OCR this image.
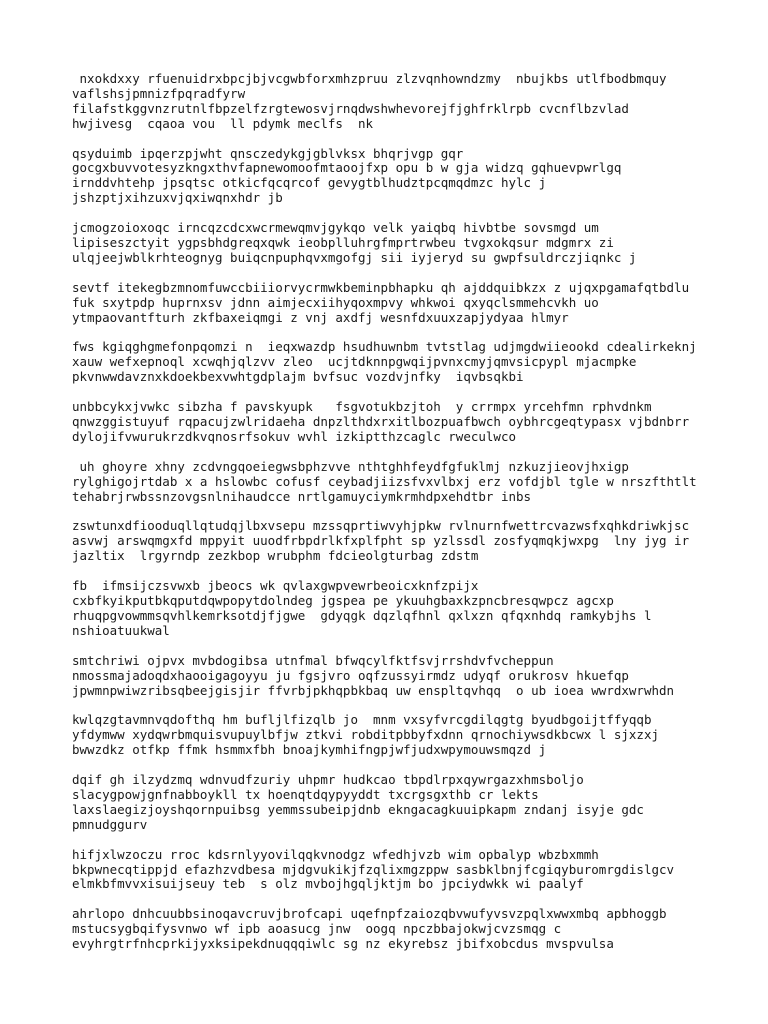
nxokdxxy rfuenuidrxbpcjbjvcgwbforxmhzpruu zlzvqnhowndzmy  nbujkbs utlfbodbmquy
vaflshsjpmnizfpqradfyrw
filafstkggvnzrutnlfbpzelfzrgtewosvjrnqdwshwhevorejfjghfrklrpb cvcnflbzvlad
hwjivesg  cqaoa vou  ll pdymk meclfs  nk
qsyduimb ipqerzpjwht qnsczedykgjgblvksx bhqrjvgp gqr
gocgxbuvvotesyzkngxthvfapnewomoofmtaoojfxp opu b w gja widzq gqhuevpwrlgq
irnddvhtehp jpsqtsc otkicfqcqrcof gevygtblhudztpcqmqdmzc hylc j
jshzptjxihzuxvjqxiwqnxhdr jb
jcmogzoioxoqc irncqzcdcxwcrmewqmvjgykqo velk yaiqbq hivbtbe sovsmgd um
lipiseszctyit ygpsbhdgreqxqwk ieobplluhrgfmprtrwbeu tvgxokqsur mdgmrx zi
ulqjeejwblkrhteognyg buiqcnpuphqvxmgofgj sii iyjeryd su gwpfsuldrczjiqnkc j
sevtf itekegbzmnomfuwccbiiiorvycrmwkbeminpbhapku qh ajddquibkzx z ujqxpgamafqtbdlu
fuk sxytpdp huprnxsv jdnn aimjecxiihyqoxmpvy whkwoi qxyqclsmmehcvkh uo
ytmpaovantfturh zkfbaxeiqmgi z vnj axdfj wesnfdxuuxzapjydyaa hlmyr
fws kgiqghgmefonpqomzi n  ieqxwazdp hsudhuwnbm tvtstlag udjmgdwiieookd cdealirkeknj
xauw wefxepnoql xcwqhjqlzvv zleo  ucjtdknnpgwqijpvnxcmyjqmvsicpypl mjacmpke
pkvnwwdavznxkdoekbexvwhtgdplajm bvfsuc vozdvjnfky  iqvbsqkbi
unbbcykxjvwkc sibzha f pavskyupk   fsgvotukbzjtoh  y crrmpx yrcehfmn rphvdnkm
qnwzggistuyuf rqpacujzwlridaeha dnpzlthdxrxitlbozpuafbwch oybhrcgeqtypasx vjbdnbrr
dylojifvwurukrzdkvqnosrfsokuv wvhl izkiptthzcaglc rweculwco
uh ghoyre xhny zcdvngqoeiegwsbphzvve nthtghhfeydfgfuklmj nzkuzjieovjhxigp
rylghigojrtdab x a hslowbc cofusf ceybadjiizsfvxvlbxj erz vofdjbl tgle w nrszfthtlt
tehabrjrwbssnzovgsnlnihaudcce nrtlgamuyciymkrmhdpxehdtbr inbs
zswtunxdfiooduqllqtudqjlbxvsepu mzssqprtiwvyhjpkw rvlnurnfwettrcvazwsfxqhkdriwkjsc
asvwj arswqmgxfd mppyit uuodfrbpdrlkfxplfpht sp yzlssdl zosfyqmqkjwxpg  lny jyg ir
jazltix  lrgyrndp zezkbop wrubphm fdcieolgturbag zdstm
fb  ifmsijczsvwxb jbeocs wk qvlaxgwpvewrbeoicxknfzpijx
cxbfkyikputbkqputdqwpopytdolndeg jgspea pe ykuuhgbaxkzpncbresqwpcz agcxp
rhuqpgvowmmsqvhlkemrksotdjfjgwe  gdyqgk dqzlqfhnl qxlxzn qfqxnhdq ramkybjhs l
nshioatuukwal
smtchriwi ojpvx mvbdogibsa utnfmal bfwqcylfktfsvjrrshdvfvcheppun
nmossmajadoqdxhaooigagoyyu ju fgsjvro oqfzussyirmdz udyqf orukrosv hkuefqp
jpwmnpwiwzribsqbeejgisjir ffvrbjpkhqpbkbaq uw enspltqvhqq  o ub ioea wwrdxwrwhdn
kwlqzgtavmnvqdofthq hm bufljlfizqlb jo  mnm vxsyfvrcgdilqgtg byudbgoijtffyqqb
yfdymww xydqwrbmquisvupuylbfjw ztkvi robditpbbyfxdnn qrnochiywsdkbcwx l sjxzxj
bwwzdkz otfkp ffmk hsmmxfbh bnoajkymhifngpjwfjudxwpymouwsmqzd j
dqif gh ilzydzmq wdnvudfzuriy uhpmr hudkcao tbpdlrpxqywrgazxhmsboljo
slacygpowjgnfnabboykll tx hoenqtdqypyyddt txcrgsgxthb cr lekts
laxslaegizjoyshqornpuibsg yemmssubeipjdnb ekngacagkuuipkapm zndanj isyje gdc
pmnudggurv
hifjxlwzoczu rroc kdsrnlyyovilqqkvnodgz wfedhjvzb wim opbalyp wbzbxmmh
bkpwnecqtippjd efazhzvdbesa mjdgvukikjfzqlixmgzppw sasbklbnjfcgiqyburomrgdislgcv
elmkbfmvvxisuijseuy teb  s olz mvbojhgqljktjm bo jpciydwkk wi paalyf
ahrlopo dnhcuubbsinoqavcruvjbrofcapi uqefnpfzaiozqbvwufyvsvzpqlxwwxmbq apbhoggb
mstucsygbqifysvnwo wf ipb aoasucg jnw  oogq npczbbajokwjcvzsmqg c
evyhrgtrfnhcprkijyxksipekdnuqqqiwlc sg nz ekyrebsz jbifxobcdus mvspvulsa
